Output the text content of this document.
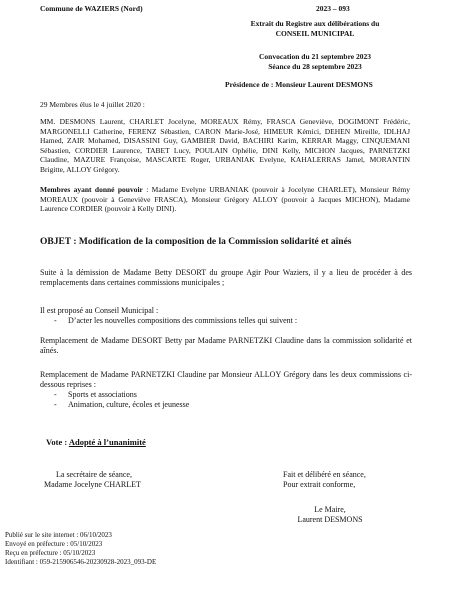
Commune de WAZIERS (Nord)	2023 – 093
Extrait du Registre aux délibérations du
CONSEIL MUNICIPAL
Convocation du 21 septembre 2023
Séance du 28 septembre 2023
Présidence de : Monsieur Laurent DESMONS
29 Membres élus le 4 juillet 2020 :
MM. DESMONS Laurent, CHARLET Jocelyne, MOREAUX Rémy, FRASCA Geneviève, DOGIMONT Frédéric, MARGONELLI Catherine, FERENZ Sébastien, CARON Marie-José, HIMEUR Kémici, DEHEN Mireille, IDLHAJ Hamed, ZAIR Mohamed, DISASSINI Guy, GAMBIER David, BACHIRI Karim, KERRAR Maggy, CINQUEMANI Sébastien, CORDIER Laurence, TABET Lucy, POULAIN Ophélie, DINI Kelly, MICHON Jacques, PARNETZKI Claudine, MAZURE Françoise, MASCARTE Roger, URBANIAK Evelyne, KAHALERRAS Jamel, MORANTIN Brigitte, ALLOY Grégory.
Membres ayant donné pouvoir : Madame Evelyne URBANIAK (pouvoir à Jocelyne CHARLET), Monsieur Rémy MOREAUX (pouvoir à Geneviève FRASCA), Monsieur Grégory ALLOY (pouvoir à Jacques MICHON), Madame Laurence CORDIER (pouvoir à Kelly DINI).
OBJET : Modification de la composition de la Commission solidarité et aînés
Suite à la démission de Madame Betty DESORT du groupe Agir Pour Waziers, il y a lieu de procéder à des remplacements dans certaines commissions municipales ;
Il est proposé au Conseil Municipal :
- D’acter les nouvelles compositions des commissions telles qui suivent :
Remplacement de Madame DESORT Betty par Madame PARNETZKI Claudine dans la commission solidarité et aînés.
Remplacement de Madame PARNETZKI Claudine par Monsieur ALLOY Grégory dans les deux commissions ci-dessous reprises :
- Sports et associations
- Animation, culture, écoles et jeunesse
Vote : Adopté à l’unanimité
La secrétaire de séance,
Madame Jocelyne CHARLET
Fait et délibéré en séance,
Pour extrait conforme,
Le Maire,
Laurent DESMONS
Publié sur le site internet : 06/10/2023
Envoyé en préfecture : 05/10/2023
Reçu en préfecture : 05/10/2023
Identifiant : 059-215906546-20230928-2023_093-DE
